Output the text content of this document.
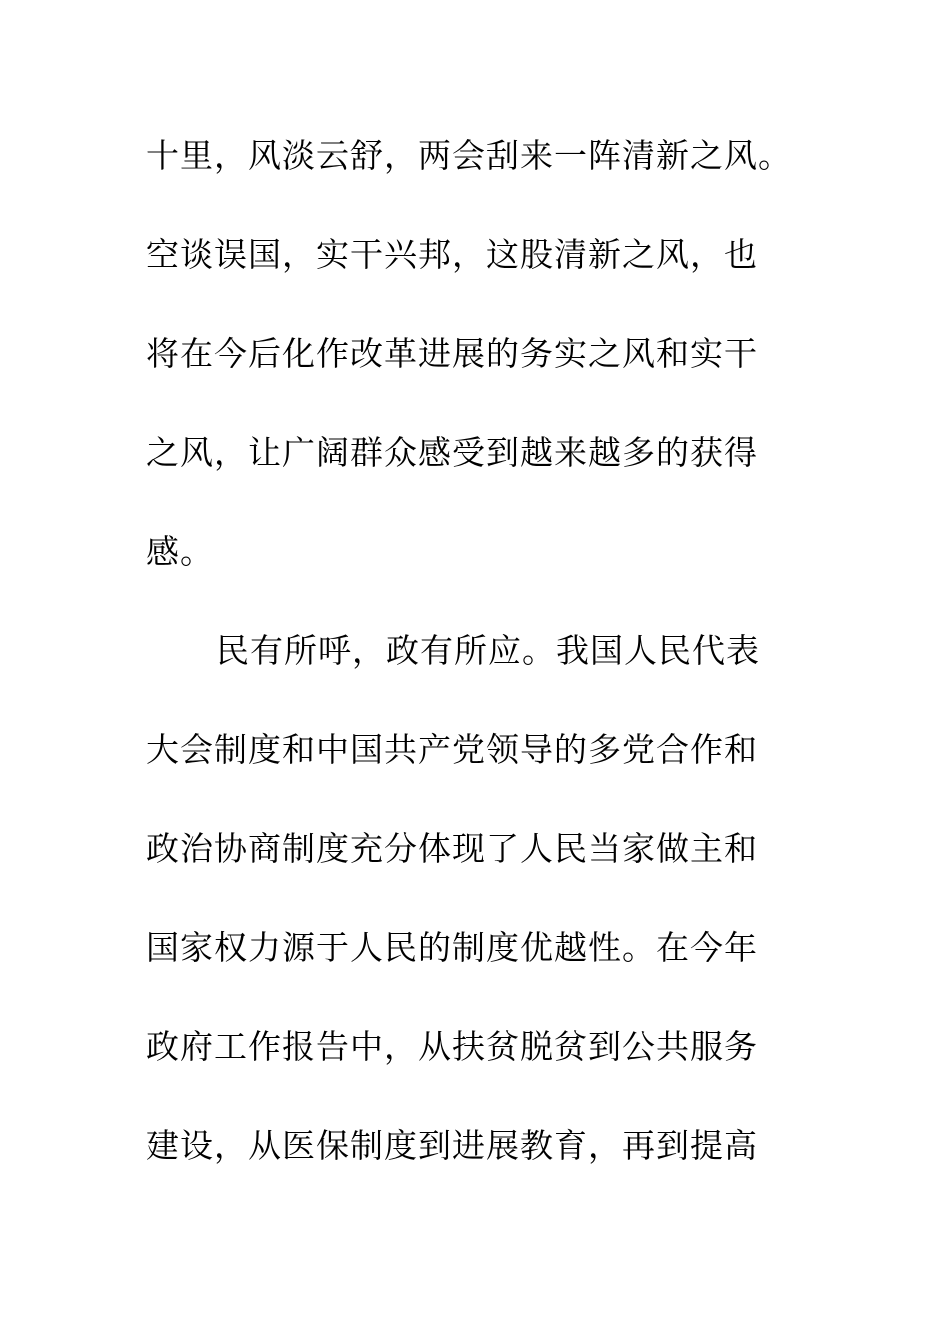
十里，风淡云舒，两会刮来一阵清新之风。
空谈误国，实干兴邦，这股清新之风，也
将在今后化作改革进展的务实之风和实干
之风，让广阔群众感受到越来越多的获得
感。
民有所呼，政有所应。我国人民代表
大会制度和中国共产党领导的多党合作和
政治协商制度充分体现了人民当家做主和
国家权力源于人民的制度优越性。在今年
政府工作报告中，从扶贫脱贫到公共服务
建设，从医保制度到进展教育，再到提高
